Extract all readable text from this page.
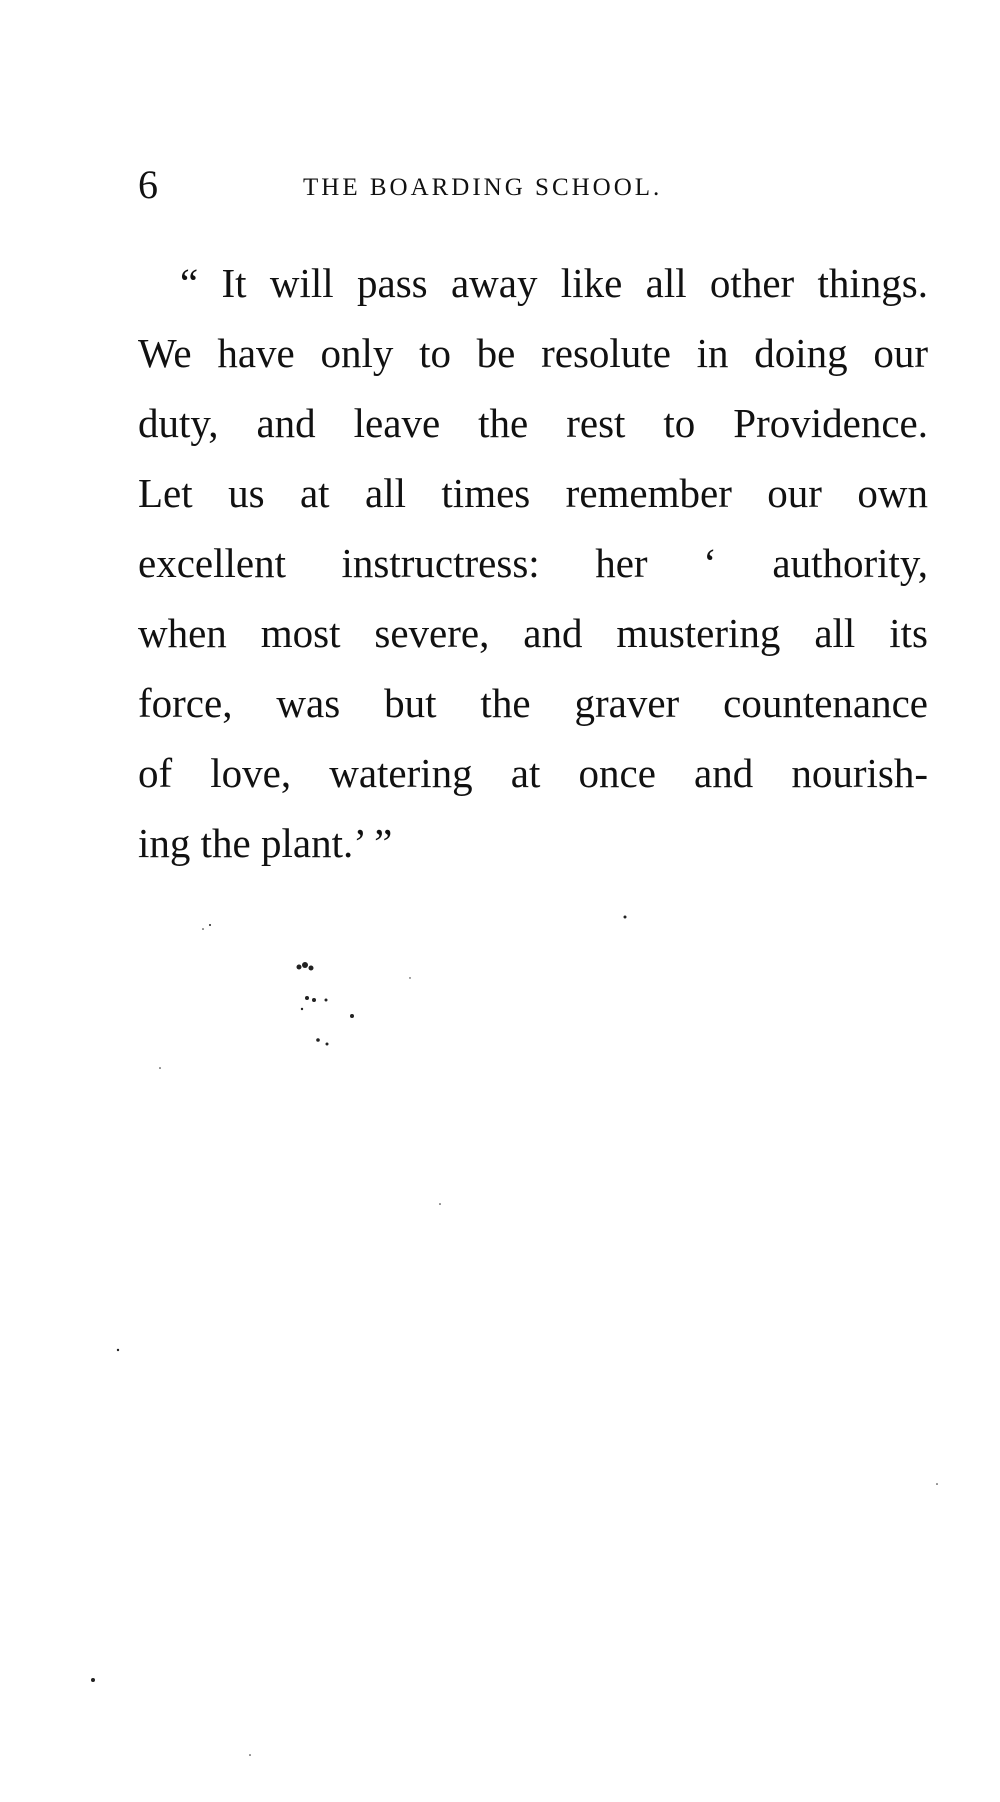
6	THE BOARDING SCHOOL.
“ It will pass away like all other things.
We have only to be resolute in doing our
duty, and leave the rest to Providence.
Let us at all times remember our own
excellent instructress: her ‘ authority,
when most severe, and mustering all its
force, was but the graver countenance
of love, watering at once and nourish-
ing the plant.’ ”
